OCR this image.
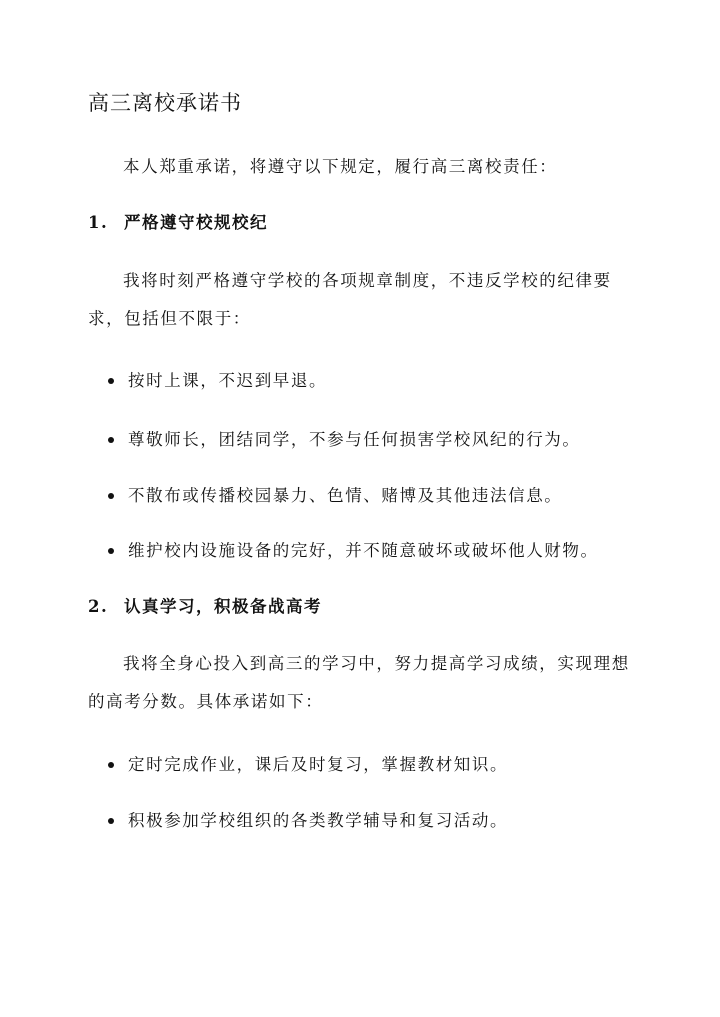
高三离校承诺书
本人郑重承诺，将遵守以下规定，履行高三离校责任：
1. 严格遵守校规校纪
我将时刻严格遵守学校的各项规章制度，不违反学校的纪律要求，包括但不限于：
按时上课，不迟到早退。
尊敬师长，团结同学，不参与任何损害学校风纪的行为。
不散布或传播校园暴力、色情、赌博及其他违法信息。
维护校内设施设备的完好，并不随意破坏或破坏他人财物。
2. 认真学习，积极备战高考
我将全身心投入到高三的学习中，努力提高学习成绩，实现理想的高考分数。具体承诺如下：
定时完成作业，课后及时复习，掌握教材知识。
积极参加学校组织的各类教学辅导和复习活动。
